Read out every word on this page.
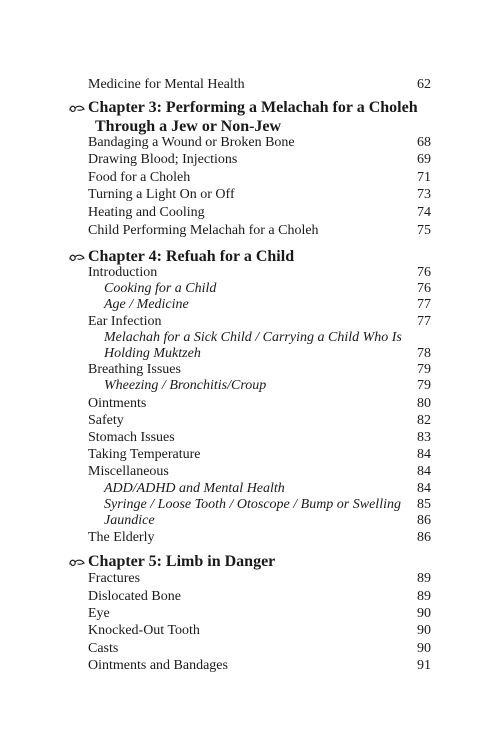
Medicine for Mental Health	62
Chapter 3: Performing a Melachah for a Choleh
Through a Jew or Non-Jew
Bandaging a Wound or Broken Bone	68
Drawing Blood; Injections	69
Food for a Choleh	71
Turning a Light On or Off	73
Heating and Cooling	74
Child Performing Melachah for a Choleh	75
Chapter 4: Refuah for a Child
Introduction	76
Cooking for a Child	76
Age / Medicine	77
Ear Infection	77
Melachah for a Sick Child / Carrying a Child Who Is
Holding Muktzeh	78
Breathing Issues	79
Wheezing / Bronchitis/Croup	79
Ointments	80
Safety	82
Stomach Issues	83
Taking Temperature	84
Miscellaneous	84
ADD/ADHD and Mental Health	84
Syringe / Loose Tooth / Otoscope / Bump or Swelling	85
Jaundice	86
The Elderly	86
Chapter 5: Limb in Danger
Fractures	89
Dislocated Bone	89
Eye	90
Knocked-Out Tooth	90
Casts	90
Ointments and Bandages	91
